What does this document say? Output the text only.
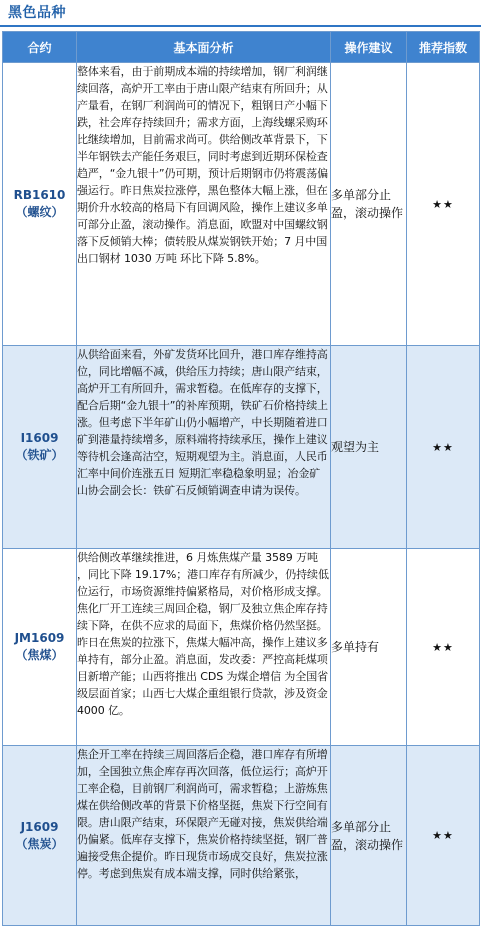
黑色品种
合约	基本面分析	操作建议	推荐指数

RB1610
（螺纹）	整体来看，由于前期成本端的持续增加，钢厂利润继续回落，高炉开工率由于唐山限产结束有所回升；从产量看，在钢厂利润尚可的情况下，粗钢日产小幅下跌，社会库存持续回升；需求方面，上海线螺采购环比继续增加，目前需求尚可。供给侧改革背景下，下半年钢铁去产能任务艰巨，同时考虑到近期环保检查趋严，“金九银十”仍可期，预计后期钢市仍将震荡偏强运行。昨日焦炭拉涨停，黑色整体大幅上涨，但在期价升水较高的格局下有回调风险，操作上建议多单可部分止盈，滚动操作。消息面，欧盟对中国螺纹钢落下反倾销大棒；债转股从煤炭钢铁开始；7 月中国出口钢材 1030 万吨 环比下降 5.8%。	多单部分止盈，滚动操作	★★

I1609
（铁矿）	从供给面来看，外矿发货环比回升，港口库存维持高位，同比增幅不减，供给压力持续；唐山限产结束，高炉开工有所回升，需求暂稳。在低库存的支撑下，配合后期“金九银十”的补库预期，铁矿石价格持续上涨。但考虑下半年矿山仍小幅增产，中长期随着进口矿到港量持续增多，原料端将持续承压，操作上建议等待机会逢高沽空，短期观望为主。消息面，人民币汇率中间价连涨五日 短期汇率稳稳象明显；冶金矿山协会副会长：铁矿石反倾销调查申请为误传。	观望为主	★★

JM1609
（焦煤）	供给侧改革继续推进，6 月炼焦煤产量 3589 万吨 ，同比下降 19.17%；港口库存有所减少，仍持续低位运行，市场资源维持偏紧格局，对价格形成支撑。焦化厂开工连续三周回企稳，钢厂及独立焦企库存持续下降，在供不应求的局面下，焦煤价格仍然坚挺。昨日在焦炭的拉涨下，焦煤大幅冲高，操作上建议多单持有，部分止盈。消息面，发改委：严控高耗煤项目新增产能；山西将推出 CDS 为煤企增信 为全国省级层面首家；山西七大煤企重组银行贷款，涉及资金 4000 亿。	多单持有	★★

J1609
（焦炭）	焦企开工率在持续三周回落后企稳，港口库存有所增加，全国独立焦企库存再次回落，低位运行；高炉开工率企稳，目前钢厂利润尚可，需求暂稳；上游炼焦煤在供给侧改革的背景下价格坚挺，焦炭下行空间有限。唐山限产结束，环保限产无碰对接，焦炭供给端仍偏紧。低库存支撑下，焦炭价格持续坚挺，钢厂普遍接受焦企提价。昨日现货市场成交良好，焦炭拉涨停。考虑到焦炭有成本端支撑，同时供给紧张，	多单部分止盈，滚动操作	★★
